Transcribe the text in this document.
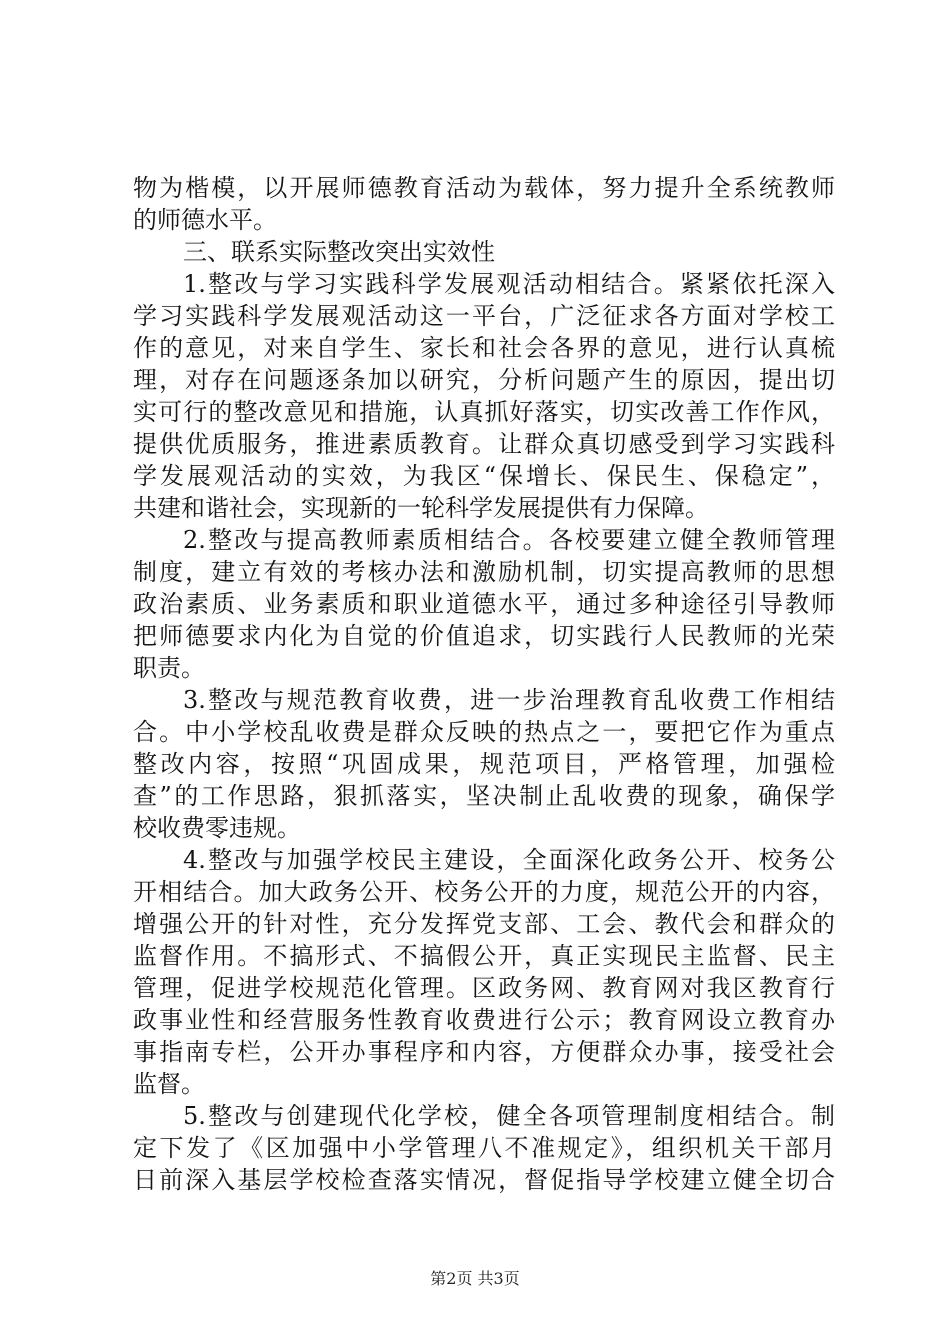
物为楷模，以开展师德教育活动为载体，努力提升全系统教师
的师德水平。
三、联系实际整改突出实效性
1.整改与学习实践科学发展观活动相结合。紧紧依托深入
学习实践科学发展观活动这一平台，广泛征求各方面对学校工
作的意见，对来自学生、家长和社会各界的意见，进行认真梳
理，对存在问题逐条加以研究，分析问题产生的原因，提出切
实可行的整改意见和措施，认真抓好落实，切实改善工作作风，
提供优质服务，推进素质教育。让群众真切感受到学习实践科
学发展观活动的实效，为我区“保增长、保民生、保稳定”，
共建和谐社会，实现新的一轮科学发展提供有力保障。
2.整改与提高教师素质相结合。各校要建立健全教师管理
制度，建立有效的考核办法和激励机制，切实提高教师的思想
政治素质、业务素质和职业道德水平，通过多种途径引导教师
把师德要求内化为自觉的价值追求，切实践行人民教师的光荣
职责。
3.整改与规范教育收费，进一步治理教育乱收费工作相结
合。中小学校乱收费是群众反映的热点之一，要把它作为重点
整改内容，按照“巩固成果，规范项目，严格管理，加强检
查”的工作思路，狠抓落实，坚决制止乱收费的现象，确保学
校收费零违规。
4.整改与加强学校民主建设，全面深化政务公开、校务公
开相结合。加大政务公开、校务公开的力度，规范公开的内容，
增强公开的针对性，充分发挥党支部、工会、教代会和群众的
监督作用。不搞形式、不搞假公开，真正实现民主监督、民主
管理，促进学校规范化管理。区政务网、教育网对我区教育行
政事业性和经营服务性教育收费进行公示；教育网设立教育办
事指南专栏，公开办事程序和内容，方便群众办事，接受社会
监督。
5.整改与创建现代化学校，健全各项管理制度相结合。制
定下发了《区加强中小学管理八不准规定》，组织机关干部月
日前深入基层学校检查落实情况，督促指导学校建立健全切合
第2页 共3页
